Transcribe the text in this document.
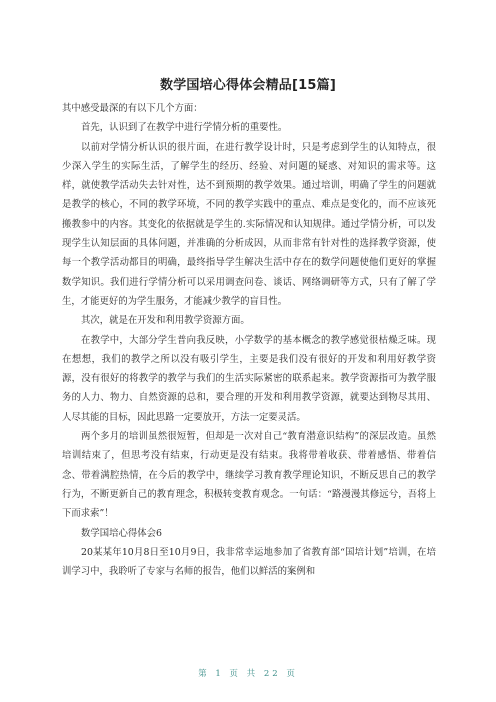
数学国培心得体会精品[15篇]

其中感受最深的有以下几个方面：

首先，认识到了在教学中进行学情分析的重要性。

以前对学情分析认识的很片面，在进行教学设计时，只是考虑到学生的认知特点，很少深入学生的实际生活，了解学生的经历、经验、对问题的疑惑、对知识的需求等。这样，就使教学活动失去针对性，达不到预期的教学效果。通过培训，明确了学生的问题就是教学的核心，不同的教学环境，不同的教学实践中的重点、难点是变化的，而不应该死搬教参中的内容。其变化的依据就是学生的.实际情况和认知规律。通过学情分析，可以发现学生认知层面的具体问题，并准确的分析成因，从而非常有针对性的选择教学资源，使每一个教学活动都目的明确，最终指导学生解决生活中存在的数学问题使他们更好的掌握数学知识。我们进行学情分析可以采用调查问卷、谈话、网络调研等方式，只有了解了学生，才能更好的为学生服务，才能减少教学的盲目性。

其次，就是在开发和利用教学资源方面。

在教学中，大部分学生普向我反映，小学数学的基本概念的教学感觉很枯燥乏味。现在想想，我们的教学之所以没有吸引学生，主要是我们没有很好的开发和利用好教学资源，没有很好的将教学的教学与我们的生活实际紧密的联系起来。教学资源指可为教学服务的人力、物力、自然资源的总和，要合理的开发和利用教学资源，就要达到物尽其用、人尽其能的目标，因此思路一定要放开，方法一定要灵活。

两个多月的培训虽然很短暂，但却是一次对自己“教育潜意识结构”的深层改造。虽然培训结束了，但思考没有结束，行动更是没有结束。我将带着收获、带着感悟、带着信念、带着满腔热情，在今后的教学中，继续学习教育教学理论知识，不断反思自己的教学行为，不断更新自己的教育理念，积极转变教育观念。一句话：“路漫漫其修远兮，吾将上下而求索”！

数学国培心得体会6

20某某年10月8日至10月9日，我非常幸运地参加了省教育部“国培计划”培训，在培训学习中，我聆听了专家与名师的报告，他们以鲜活的案例和

第 1 页 共 22 页
